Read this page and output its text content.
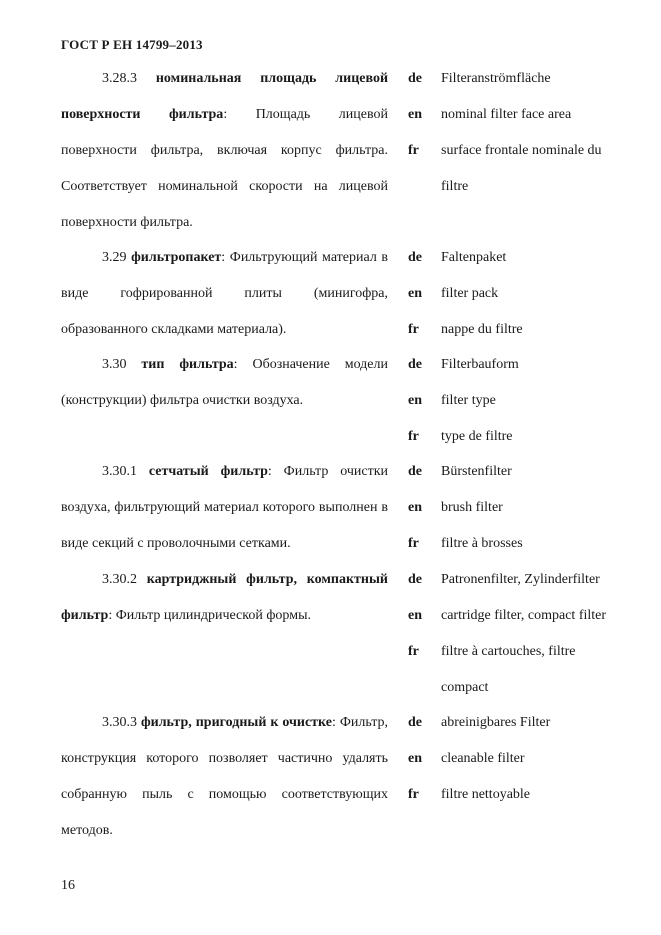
ГОСТ Р ЕН 14799–2013

3.28.3 номинальная площадь лицевой поверхности фильтра: Площадь лицевой поверхности фильтра, включая корпус фильтра. Соответствует номинальной скорости на лицевой поверхности фильтра.

de	Filteranströmfläche
en	nominal filter face area
fr	surface frontale nominale du filtre

3.29 фильтропакет: Фильтрующий материал в виде гофрированной плиты (минигофра, образованного складками материала).

de	Faltenpaket
en	filter pack
fr	nappe du filtre

3.30 тип фильтра: Обозначение модели (конструкции) фильтра очистки воздуха.

de	Filterbauform
en	filter type
fr	type de filtre

3.30.1 сетчатый фильтр: Фильтр очистки воздуха, фильтрующий материал которого выполнен в виде секций с проволочными сетками.

de	Bürstenfilter
en	brush filter
fr	filtre à brosses

3.30.2 картриджный фильтр, компактный фильтр: Фильтр цилиндрической формы.

de	Patronenfilter, Zylinderfilter
en	cartridge filter, compact filter
fr	filtre à cartouches, filtre compact

3.30.3 фильтр, пригодный к очистке: Фильтр, конструкция которого позволяет частично удалять собранную пыль с помощью соответствующих методов.

de	abreinigbares Filter
en	cleanable filter
fr	filtre nettoyable
16
